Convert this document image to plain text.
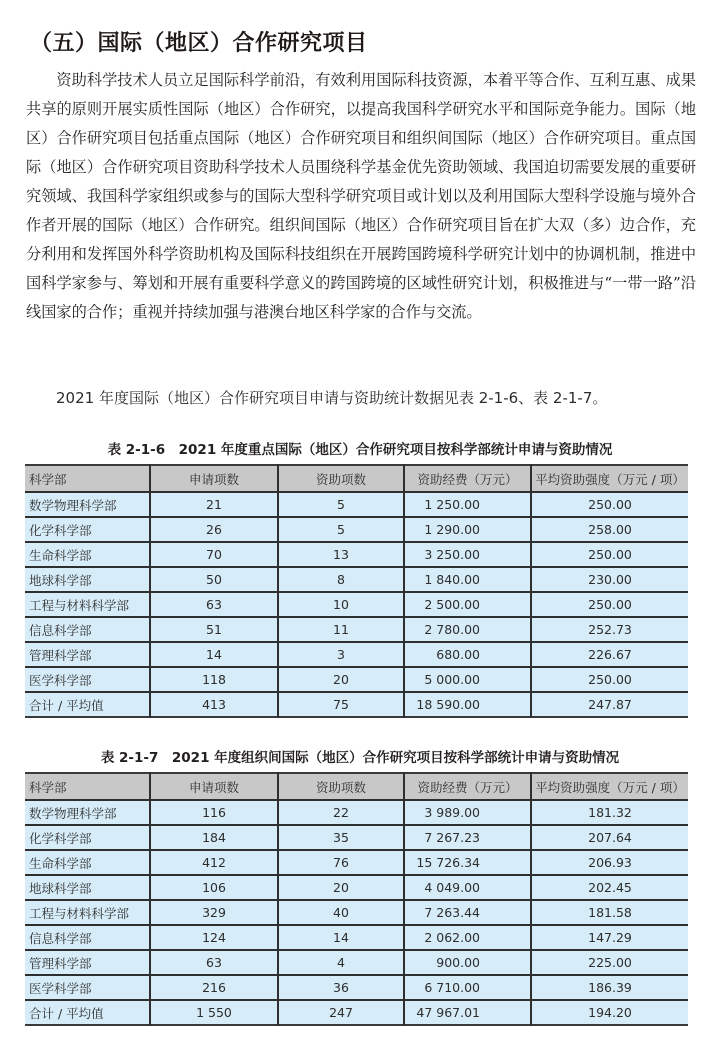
（五）国际（地区）合作研究项目

资助科学技术人员立足国际科学前沿，有效利用国际科技资源，本着平等合作、互利互惠、成果共享的原则开展实质性国际（地区）合作研究，以提高我国科学研究水平和国际竞争能力。国际（地区）合作研究项目包括重点国际（地区）合作研究项目和组织间国际（地区）合作研究项目。重点国际（地区）合作研究项目资助科学技术人员围绕科学基金优先资助领域、我国迫切需要发展的重要研究领域、我国科学家组织或参与的国际大型科学研究项目或计划以及利用国际大型科学设施与境外合作者开展的国际（地区）合作研究。组织间国际（地区）合作研究项目旨在扩大双（多）边合作，充分利用和发挥国外科学资助机构及国际科技组织在开展跨国跨境科学研究计划中的协调机制，推进中国科学家参与、筹划和开展有重要科学意义的跨国跨境的区域性研究计划，积极推进与“一带一路”沿线国家的合作；重视并持续加强与港澳台地区科学家的合作与交流。

2021 年度国际（地区）合作研究项目申请与资助统计数据见表 2-1-6、表 2-1-7。

表 2-1-6　2021 年度重点国际（地区）合作研究项目按科学部统计申请与资助情况
科学部	申请项数	资助项数	资助经费（万元）	平均资助强度（万元 / 项）
数学物理科学部	21	5	1 250.00	250.00
化学科学部	26	5	1 290.00	258.00
生命科学部	70	13	3 250.00	250.00
地球科学部	50	8	1 840.00	230.00
工程与材料科学部	63	10	2 500.00	250.00
信息科学部	51	11	2 780.00	252.73
管理科学部	14	3	680.00	226.67
医学科学部	118	20	5 000.00	250.00
合计 / 平均值	413	75	18 590.00	247.87
表 2-1-7　2021 年度组织间国际（地区）合作研究项目按科学部统计申请与资助情况
科学部	申请项数	资助项数	资助经费（万元）	平均资助强度（万元 / 项）
数学物理科学部	116	22	3 989.00	181.32
化学科学部	184	35	7 267.23	207.64
生命科学部	412	76	15 726.34	206.93
地球科学部	106	20	4 049.00	202.45
工程与材料科学部	329	40	7 263.44	181.58
信息科学部	124	14	2 062.00	147.29
管理科学部	63	4	900.00	225.00
医学科学部	216	36	6 710.00	186.39
合计 / 平均值	1 550	247	47 967.01	194.20
